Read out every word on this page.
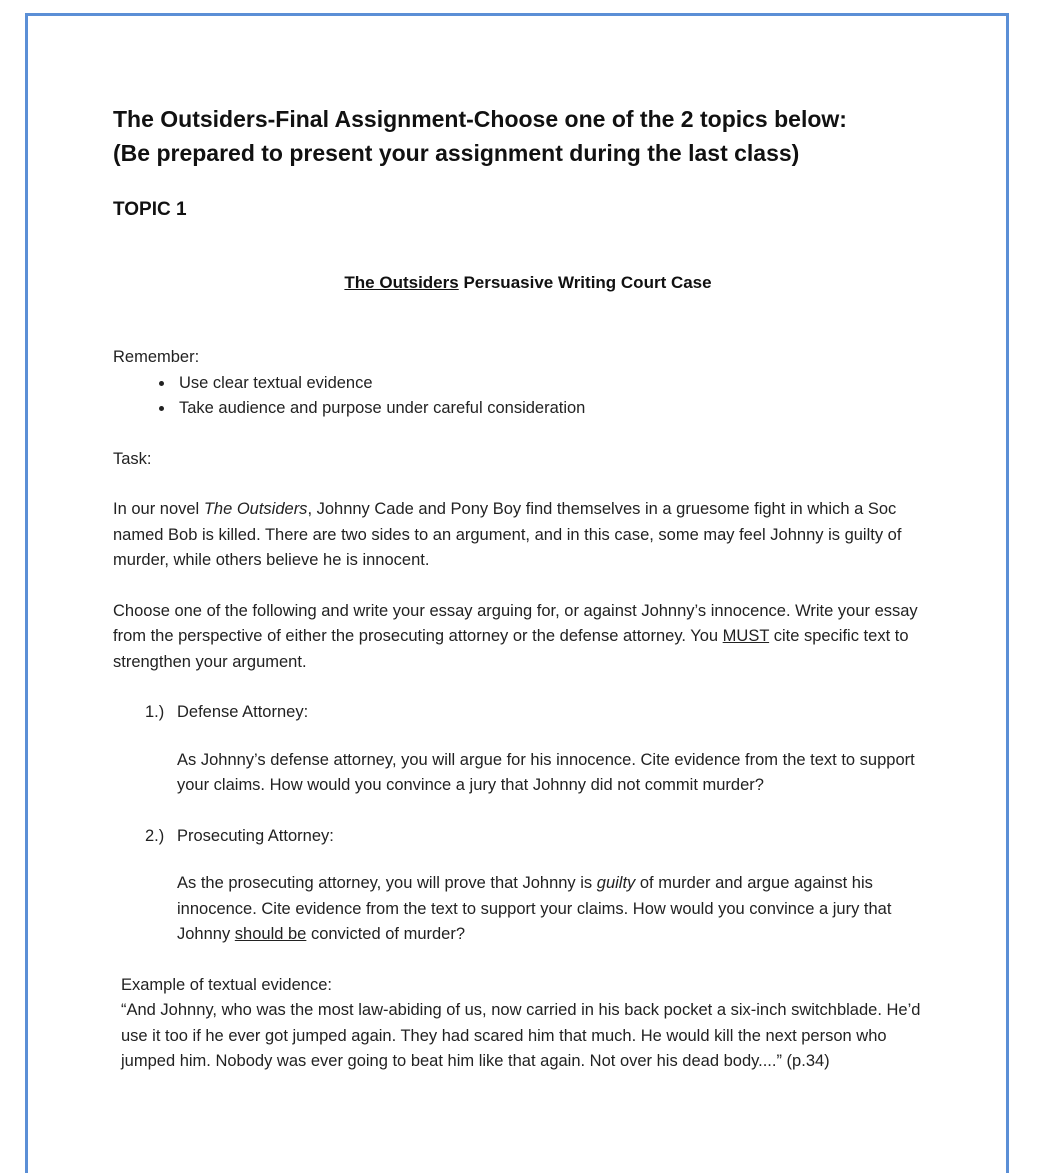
The Outsiders-Final Assignment-Choose one of the 2 topics below:
(Be prepared to present your assignment during the last class)

TOPIC 1
The Outsiders Persuasive Writing Court Case
Remember:
• Use clear textual evidence
• Take audience and purpose under careful consideration
Task:
In our novel The Outsiders, Johnny Cade and Pony Boy find themselves in a gruesome fight in which a Soc named Bob is killed. There are two sides to an argument, and in this case, some may feel Johnny is guilty of murder, while others believe he is innocent.
Choose one of the following and write your essay arguing for, or against Johnny’s innocence. Write your essay from the perspective of either the prosecuting attorney or the defense attorney. You MUST cite specific text to strengthen your argument.
1.) Defense Attorney:
As Johnny’s defense attorney, you will argue for his innocence. Cite evidence from the text to support your claims. How would you convince a jury that Johnny did not commit murder?
2.) Prosecuting Attorney:
As the prosecuting attorney, you will prove that Johnny is guilty of murder and argue against his innocence. Cite evidence from the text to support your claims. How would you convince a jury that Johnny should be convicted of murder?
Example of textual evidence:
“And Johnny, who was the most law-abiding of us, now carried in his back pocket a six-inch switchblade. He’d use it too if he ever got jumped again. They had scared him that much. He would kill the next person who jumped him. Nobody was ever going to beat him like that again. Not over his dead body....” (p.34)
